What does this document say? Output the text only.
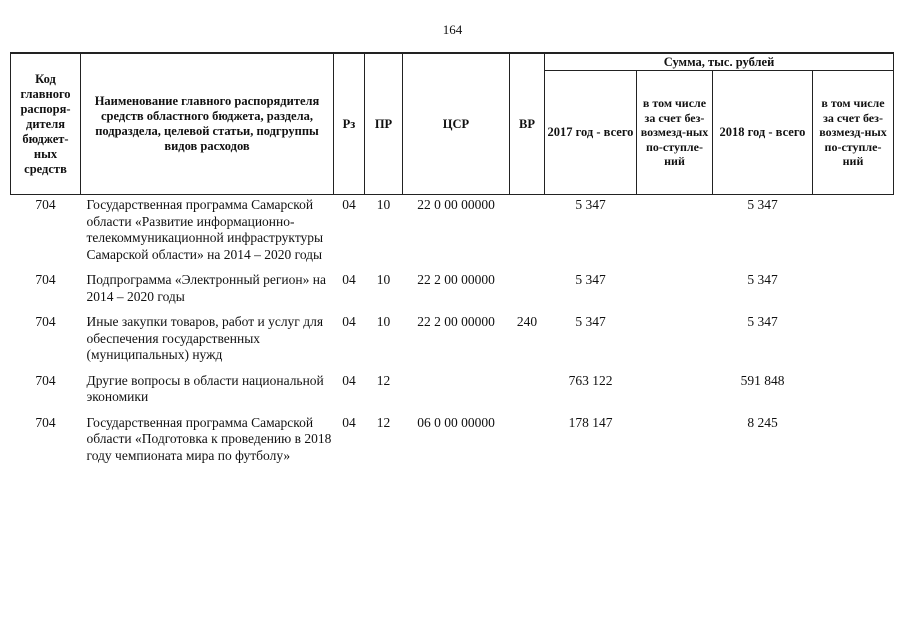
164
Код главного распоря-дителя бюджет-ных средств	Наименование главного распорядителя средств областного бюджета, раздела, подраздела, целевой статьи, подгруппы видов расходов	Рз	ПР	ЦСР	ВР	Сумма, тыс. рублей			
						2017 год - всего	в том числе за счет без-возмезд-ных по-ступле-ний	2018 год - всего	в том числе за счет без-возмезд-ных по-ступле-ний
704	Государственная программа Самарской области «Развитие информационно-телекоммуникационной инфраструктуры Самарской области» на 2014 – 2020 годы	04	10	22 0 00 00000		5 347		5 347	
704	Подпрограмма «Электронный регион» на 2014 – 2020 годы	04	10	22 2 00 00000		5 347		5 347	
704	Иные закупки товаров, работ и услуг для обеспечения государственных (муниципальных) нужд	04	10	22 2 00 00000	240	5 347		5 347	
704	Другие вопросы в области национальной экономики	04	12			763 122		591 848	
704	Государственная программа Самарской области «Подготовка к проведению в 2018 году чемпионата мира по футболу»	04	12	06 0 00 00000		178 147		8 245	
